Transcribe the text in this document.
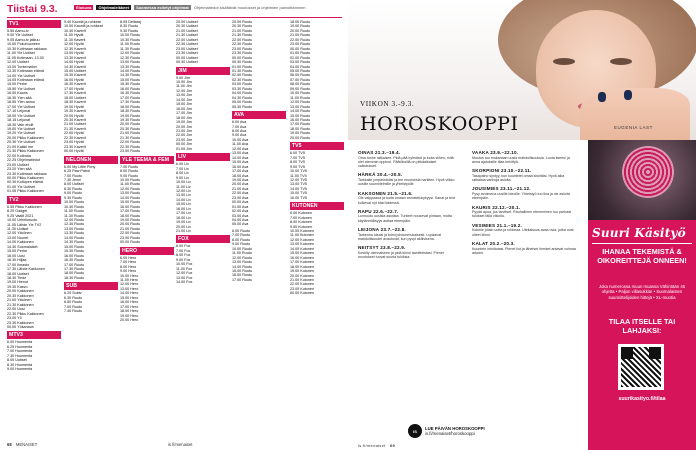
Tiistai 9.3.	Elokuva Ohjelmaleikkeet Suomessa esitetyt ohjelmat Ohjelmatiedot sisältävät muutokset ja ohjelmien painoittaminen
TV1
5.55 Aamu-tv
9.00 Yle Uutiset
9.05 Aamu-tv jatkuu
10.00 Pukuhuoneen
10.30 Kotimaan rakkaus
11.00 Yle Uutiset
11.05 Kotimaan, 13.00
12.00 Uutiset
13.00 Tuntematon
13.30 Kotimaan elämä
14.00 Yle Uutiset
14.05 Kotimaan elämä
15.00 Perhe
15.50 Yle Uutiset
16.00 Kauris
16.30 Ylen sää
16.55 Ylen aamu
17.00 Yle Uutiset
17.10 Leijonat
18.00 Yle Uutiset
18.15 Leijonat
18.30 Vain ehdit
19.00 Yle Uutiset
19.20 Yle Uutiset
20.00 Pikku Kakkonen
20.30 Yle Uutiset
21.00 Kaikki me
21.30 Pikku Kakkonen
22.00 Kotimaa
22.25 Ohjelmatiedot
23.00 Uutiset
23.20 Ylen sää
23.30 Kotimaan rakkaus
00.00 Pikku Kakkonen
00.30 Kotiopen elämä
01.00 Yle Uutiset
01.05 Pikku Kakkonen
TV2
6.55 Pikku Kakkonen
8.20 Gadget
9.25 Vaalit 2021
10.00 Urheiluruutu
11.05 Lähde Yle TV2
11.30 Uutiset
12.00 Ykkönen
13.00 Nuoret
14.00 Kakkonen
14.30 Suomalaiset
15.00 Perhe
16.00 Uusi
16.30 Hiljaa
17.00 Ilmasto
17.30 Lähde Kakkonen
18.00 Uutiset
18.30 Tiede
19.00 Hienot
19.30 Kasvo
20.00 Kakkonen
20.30 Kakkonen
21.00 Ykkönen
21.30 Kakkonen
22.00 Uusi
22.30 Pikku Kakkonen
23.00 Yö
23.30 Kakkonen
00.00 Yökanava
MTV3
6.00 Huomenta
6.25 Huomenta
7.00 Huomenta
7.30 Huomenta
8.00 Uutiset
8.30 Huomenta
9.00 Huomenta
9.40 Kauniit ja rohkeat
10.00 Kauniit ja rohkeat
10.30 Kaverit
11.00 Hyvät
11.30 Kaverit
12.00 Hyvät
12.30 Kaverit
13.00 Hyvät
13.30 Kaverit
14.00 Hyvät
14.30 Kaverit
15.00 Uutiset
15.30 Kaverit
16.00 Hyvät
16.30 Kaverit
17.00 Hyvät
17.30 Kaverit
18.00 Uutiset
18.30 Kaverit
19.00 Hyvät
19.30 Kaverit
20.00 Hyvät
20.30 Kaverit
21.00 Uutiset
21.30 Kaverit
22.00 Hyvät
22.30 Kaverit
23.00 Hyvät
23.30 Kaverit
00.00 Hyvät
NELONEN
6.00 My Little Pony
6.25 Paw Patrol
7.00 Ruutu
7.30 Jenni
8.00 Uutiset
8.30 Ruutu
9.00 Ruutu
9.30 Ruutu
10.00 Ruutu
10.30 Ruutu
11.00 Ruutu
11.30 Ruutu
12.00 Ruutu
12.30 Ruutu
13.00 Ruutu
13.30 Ruutu
14.00 Ruutu
14.30 Ruutu
15.00 Ruutu
15.30 Ruutu
16.00 Ruutu
16.30 Ruutu
17.00 Ruutu
17.30 Ruutu
18.00 Ruutu
18.30 Ruutu
SUB
6.20 Subtv
6.30 Ruutu
6.50 Ruutu
7.00 Ruutu
7.40 Ruutu
8.05 Deltaraj
8.30 Ruutu
9.30 Ruutu
10.00 Ruutu
10.30 Ruutu
11.00 Ruutu
11.30 Ruutu
12.00 Ruutu
12.30 Ruutu
13.00 Ruutu
13.30 Ruutu
14.00 Ruutu
14.30 Ruutu
15.00 Ruutu
15.30 Ruutu
16.00 Ruutu
16.30 Ruutu
17.00 Ruutu
17.30 Ruutu
18.00 Ruutu
18.30 Ruutu
19.00 Ruutu
19.30 Ruutu
20.00 Ruutu
20.30 Ruutu
21.00 Ruutu
21.30 Ruutu
22.00 Ruutu
22.30 Ruutu
23.00 Ruutu
YLE TEEMA & FEM
7.00 Ruutu
8.00 Ruutu
9.00 Ruutu
10.00 Ruutu
11.00 Ruutu
12.00 Ruutu
13.00 Ruutu
14.00 Ruutu
15.00 Ruutu
16.00 Ruutu
17.00 Ruutu
18.00 Ruutu
19.00 Ruutu
20.00 Ruutu
21.00 Ruutu
22.00 Ruutu
23.00 Ruutu
00.00 Ruutu
HERO
6.00 Hero
7.00 Hero
8.00 Hero
9.00 Hero
10.00 Hero
11.00 Hero
12.00 Hero
13.00 Hero
14.00 Hero
15.00 Hero
16.00 Hero
17.00 Hero
18.00 Hero
19.00 Hero
20.00 Hero
20.00 Uutiset
20.30 Uutiset
21.00 Uutiset
21.30 Uutiset
22.00 Uutiset
22.30 Uutiset
23.00 Uutiset
23.30 Uutiset
00.00 Uutiset
00.30 Uutiset
JIM
9.00 Jim
10.00 Jim
11.00 Jim
12.00 Jim
13.00 Jim
14.00 Jim
15.00 Jim
16.00 Jim
17.00 Jim
18.00 Jim
19.00 Jim
20.00 Jim
21.00 Jim
22.00 Jim
23.00 Jim
00.00 Jim
01.00 Jim
LIV
6.00 Liv
7.00 Liv
8.00 Liv
9.00 Liv
10.00 Liv
11.00 Liv
12.00 Liv
13.00 Liv
14.00 Liv
15.00 Liv
16.00 Liv
17.00 Liv
18.00 Liv
19.00 Liv
20.00 Liv
21.00 Liv
FOX
6.00 Fox
7.00 Fox
8.00 Fox
9.00 Fox
10.00 Fox
11.00 Fox
12.00 Fox
13.00 Fox
14.00 Fox
20.00 Ruutu
20.30 Ruutu
21.00 Ruutu
21.30 Ruutu
22.00 Ruutu
22.30 Ruutu
23.00 Ruutu
23.30 Ruutu
00.00 Ruutu
00.30 Ruutu
01.00 Ruutu
01.30 Ruutu
02.00 Ruutu
02.30 Ruutu
03.00 Ruutu
03.30 Ruutu
04.00 Ruutu
04.30 Ruutu
05.00 Ruutu
05.30 Ruutu
AVA
6.00 Ava
7.00 Ava
8.00 Ava
9.00 Ava
10.00 Ava
11.00 Ava
12.00 Ava
13.00 Ava
14.00 Ava
15.00 Ava
16.00 Ava
17.00 Ava
18.00 Ava
19.00 Ava
20.00 Ava
21.00 Ava
22.00 Ava
23.00 Ava
00.00 Ava
01.00 Ava
02.00 Ava
03.00 Ava
04.00 Ava
05.00 Ava
6.00 Ruutu
7.00 Ruutu
8.00 Ruutu
9.00 Ruutu
10.00 Ruutu
11.00 Ruutu
12.00 Ruutu
13.00 Ruutu
14.00 Ruutu
15.00 Ruutu
16.00 Ruutu
17.00 Ruutu
18.00 Ruutu
19.00 Ruutu
20.00 Ruutu
21.00 Ruutu
22.00 Ruutu
23.00 Ruutu
00.00 Ruutu
01.00 Ruutu
02.00 Ruutu
03.00 Ruutu
04.00 Ruutu
05.00 Ruutu
06.00 Ruutu
07.00 Ruutu
08.00 Ruutu
09.00 Ruutu
10.00 Ruutu
11.00 Ruutu
12.00 Ruutu
13.00 Ruutu
14.00 Ruutu
15.00 Ruutu
16.00 Ruutu
17.00 Ruutu
18.00 Ruutu
19.00 Ruutu
20.00 Ruutu
TV5
6.00 TV5
7.00 TV5
8.00 TV5
9.00 TV5
10.00 TV5
11.00 TV5
12.00 TV5
13.00 TV5
14.00 TV5
15.00 TV5
16.00 TV5
KUTONEN
6.00 Kutonen
7.00 Kutonen
8.00 Kutonen
9.00 Kutonen
10.00 Kutonen
11.00 Kutonen
12.00 Kutonen
13.00 Kutonen
14.00 Kutonen
15.00 Kutonen
16.00 Kutonen
17.00 Kutonen
18.00 Kutonen
19.00 Kutonen
20.00 Kutonen
21.00 Kutonen
22.00 Kutonen
23.00 Kutonen
00.00 Kutonen
68 MENAISET	is.fi/menaiset
VIIKON 3.-9.3.
HOROSKOOPPI	EUGENIA LAST
OINAS 21.3.–19.4.

Oma tunne ratkaisee. Pidä pää kylmänä ja luota siihen, mitä olet aiemmin oppinut. Päätöksillä on pitkäaikaiset vaikutukset.

HÄRKÄ 20.4.–20.5.

Tarkkaile ympäristöäsi ja tee muutoksia harkiten. Hyvä viikko uusille suunnitelmille ja yhteistyölle.

KAKSONEN 21.5.–21.6.

Ole valppaana ja luota omaan arvostelukykyysi. Sanat ja teot kulkevat nyt käsi kädessä.

RAPU 22.6.–22.7.

Lumoudu uusista asioista. Tunteet nousevat pintaan, mutta käytännöllisyys auttaa eteenpäin.

LEIJONA 23.7.–22.8.

Tarkenna ideasi ja toimi johdonmukaisesti. Lupaavat mahdollisuudet avautuvat, kun pysyt aktiivisena.

NEITSYT 23.8.–22.9.

Keskity olennaiseen ja pidä kiinni tavoitteistasi. Pienet muutokset tuovat suuria tuloksia.

VAAKA 23.9.–22.10.

Muutos tuo mukanaan uusia mahdollisuuksia. Luota itseesi ja anna ajatuksille tilaa kehittyä.

SKORPIONI 23.10.–22.11.

Tasapaino syntyy, kun kuuntelet omaa sisintäsi. Hyvä aika ratkaista vanhoja asioita.

JOUSIMIES 23.11.–21.12.

Pysy avoimena uusille ideoille. Yhteistyö tuo iloa ja vie asioita eteenpäin.

KAURIS 22.12.–20.1.

Pyydä apua, jos tarvitset. Rauhallinen eteneminen tuo parhaat tulokset tällä viikolla.

VESIMIES 21.1.–19.2.

Kokeile jotain uutta ja rohkeaa. Uteliaisuus avaa ovia, jotka ovat olleet kiinni.

KALAT 20.2.–20.3.

Kuuntele intuitiotasi. Pienet ilot ja läheiset ihmiset antavat voimaa arkeen.

IS	LUE PÄIVÄN HOROSKOOPPI
is.fi/menaiset/horoskooppi
is.fi/menaiset 69
Suuri Käsityö
IHANAA TEKEMISTÄ & OIKOREITTEJÄ ONNEEN!
Joka numerossa muun muassa Vähintään 45 ohjetta • Paljon villasukkia! • Suomalaisten suunnittelijoiden hittejä • XL-muotia
TILAA ITSELLE TAI LAHJAKSI:
suurikasityo.fi/tilaa
